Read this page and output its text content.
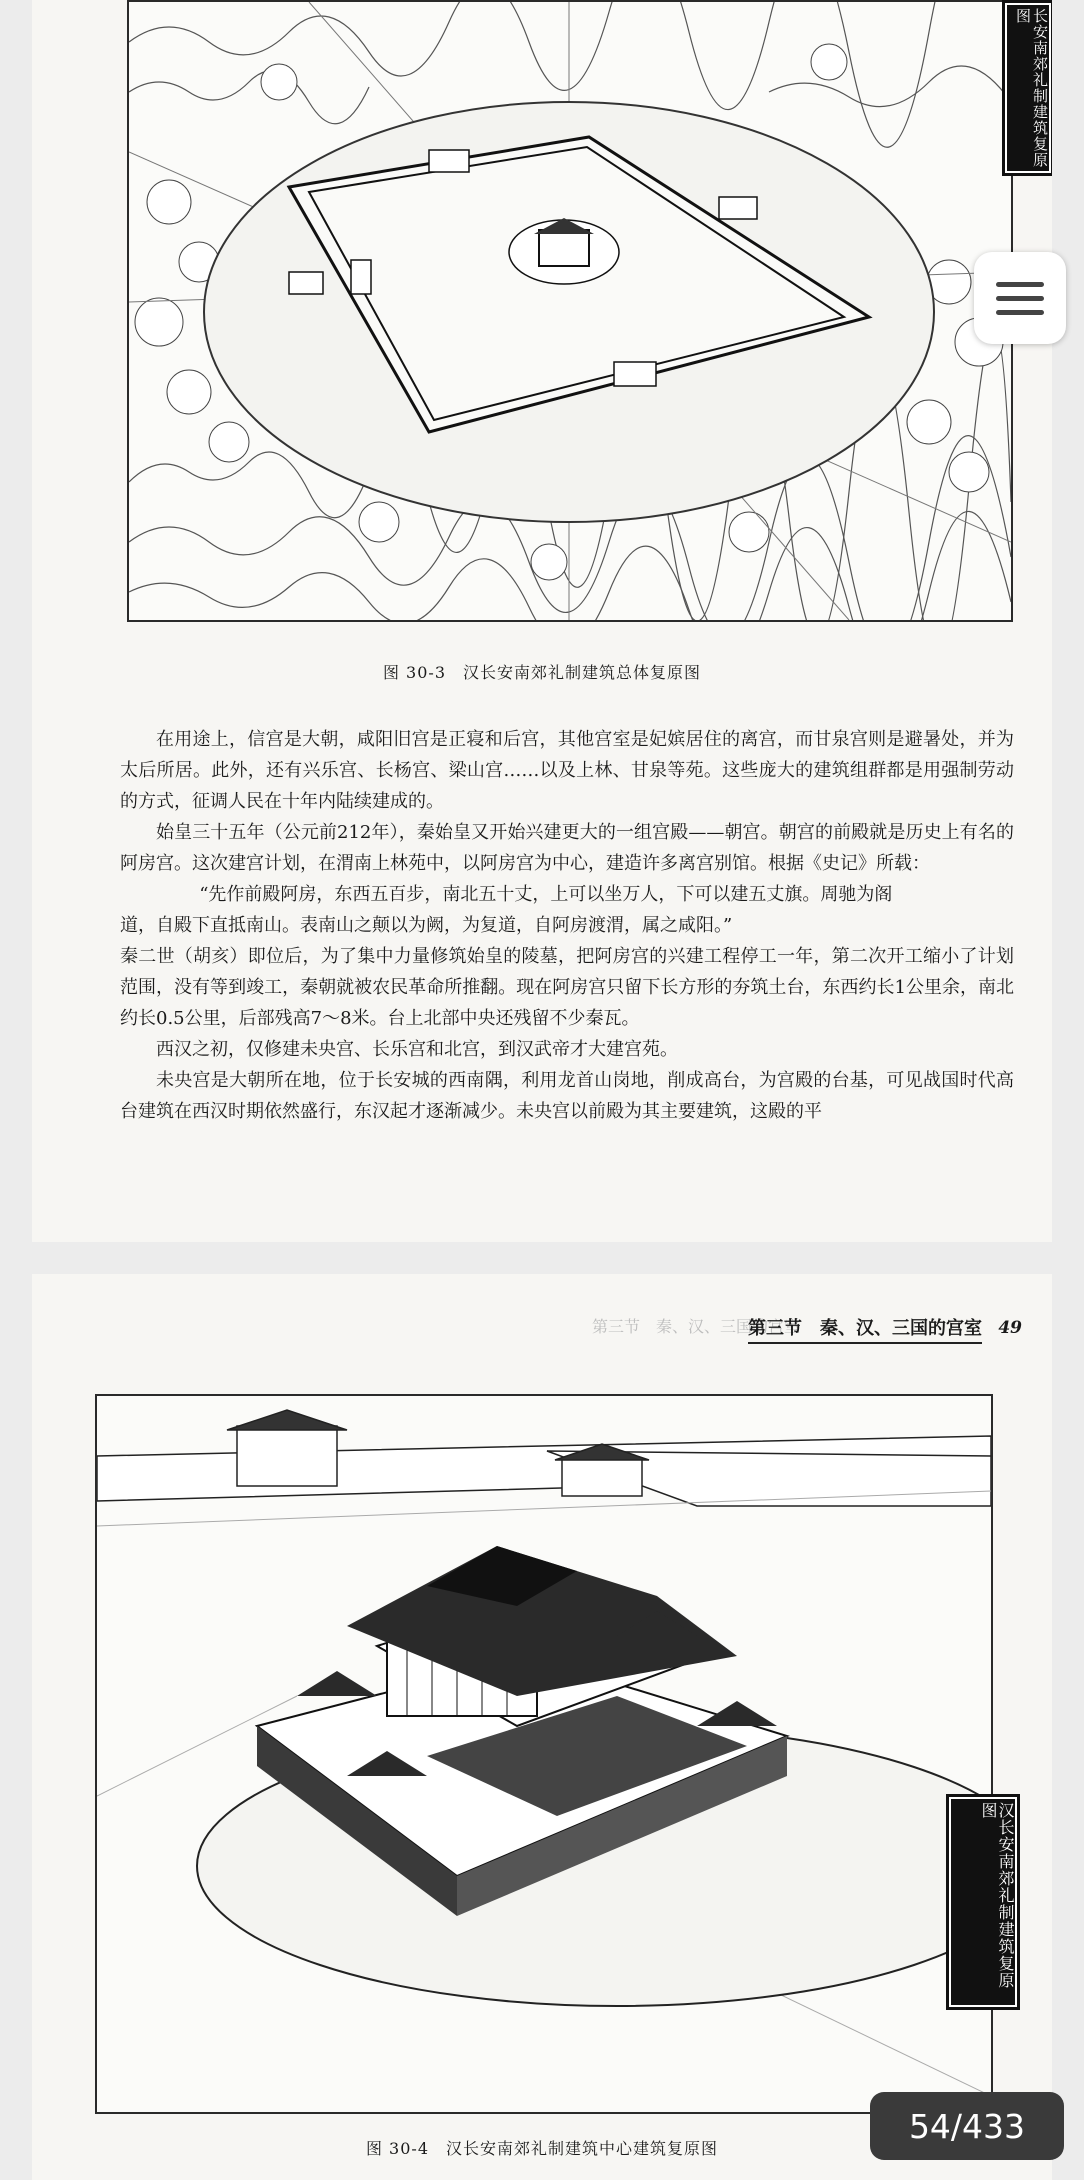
长安南郊礼制建筑复原图
图 30-3　汉长安南郊礼制建筑总体复原图

在用途上，信宫是大朝，咸阳旧宫是正寝和后宫，其他宫室是妃嫔居住的离宫，而甘泉宫则是避暑处，并为太后所居。此外，还有兴乐宫、长杨宫、梁山宫……以及上林、甘泉等苑。这些庞大的建筑组群都是用强制劳动的方式，征调人民在十年内陆续建成的。

始皇三十五年（公元前212年），秦始皇又开始兴建更大的一组宫殿——朝宫。朝宫的前殿就是历史上有名的阿房宫。这次建宫计划，在渭南上林苑中，以阿房宫为中心，建造许多离宫别馆。根据《史记》所载：

“先作前殿阿房，东西五百步，南北五十丈，上可以坐万人，下可以建五丈旗。周驰为阁

道，自殿下直抵南山。表南山之颠以为阙，为复道，自阿房渡渭，属之咸阳。”

秦二世（胡亥）即位后，为了集中力量修筑始皇的陵墓，把阿房宫的兴建工程停工一年，第二次开工缩小了计划范围，没有等到竣工，秦朝就被农民革命所推翻。现在阿房宫只留下长方形的夯筑土台，东西约长1公里余，南北约长0.5公里，后部残高7～8米。台上北部中央还残留不少秦瓦。

西汉之初，仅修建未央宫、长乐宫和北宫，到汉武帝才大建宫苑。

未央宫是大朝所在地，位于长安城的西南隅，利用龙首山岗地，削成高台，为宫殿的台基，可见战国时代高台建筑在西汉时期依然盛行，东汉起才逐渐减少。未央宫以前殿为其主要建筑，这殿的平

第三节　秦、汉、三国的宫室
第三节　秦、汉、三国的宫室 49
汉长安南郊礼制建筑复原图
图 30-4　汉长安南郊礼制建筑中心建筑复原图
54/433
